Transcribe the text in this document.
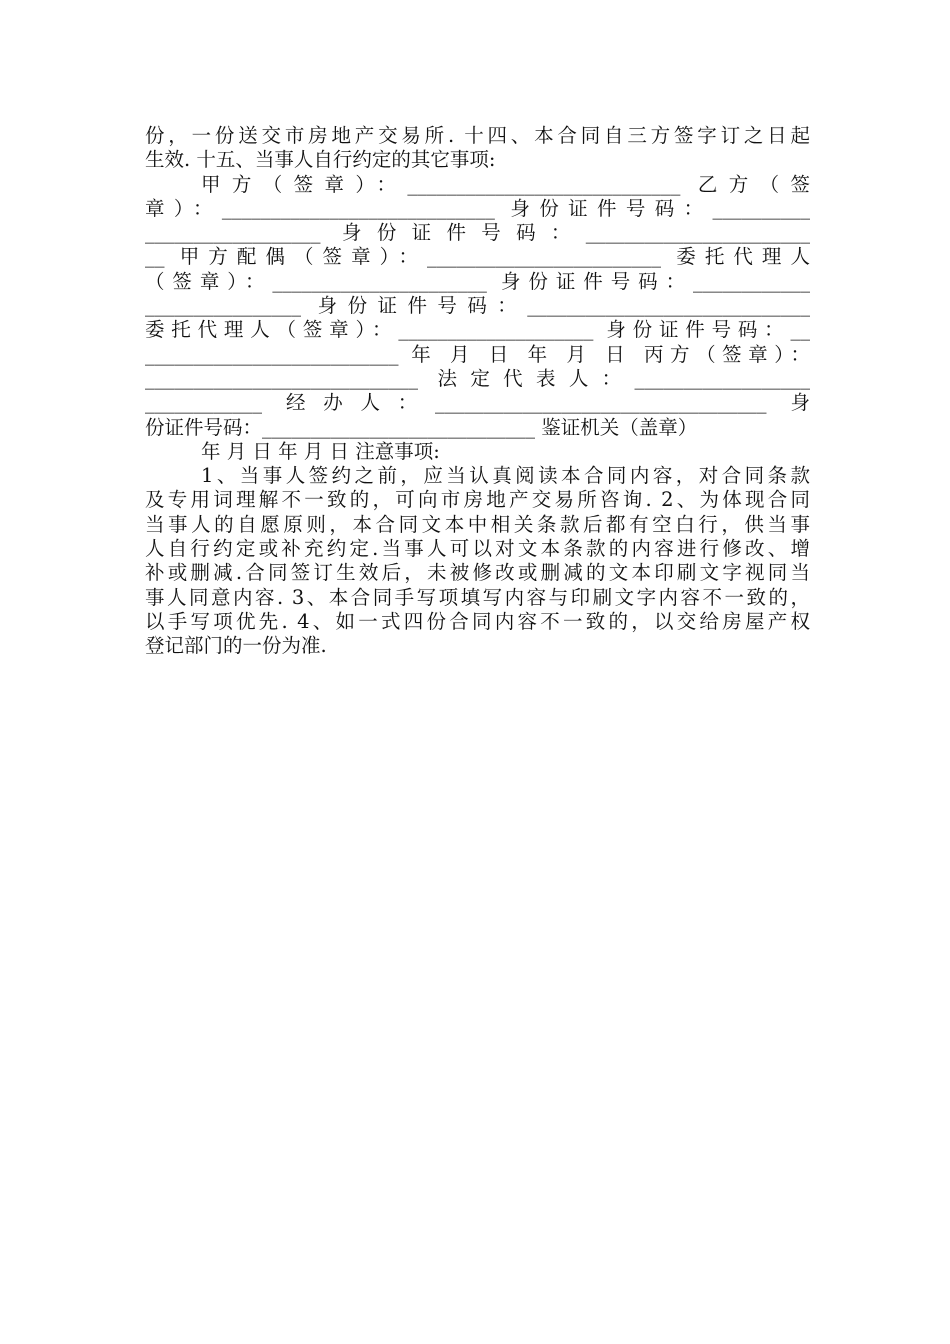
份，一份送交市房地产交易所. 十四、本合同自三方签字订之日起
生效. 十五、当事人自行约定的其它事项:
甲方（签章）：____________________________ 乙方（签
章）：____________________________ 身份证件号码：__________
__________________ 身份证件号码：_______________________
__ 甲方配偶（签章）：________________________ 委托代理人
（签章）：______________________ 身份证件号码：____________
________________ 身份证件号码：_____________________________
委托代理人（签章）：____________________ 身份证件号码：__
__________________________ 年 月 日 年 月 日 丙方（签章）：
____________________________ 法定代表人：__________________
____________ 经办人：__________________________________ 身
份证件号码：____________________________ 鉴证机关（盖章）
年 月 日 年 月 日 注意事项:
1、当事人签约之前，应当认真阅读本合同内容，对合同条款
及专用词理解不一致的，可向市房地产交易所咨询. 2、为体现合同
当事人的自愿原则，本合同文本中相关条款后都有空白行，供当事
人自行约定或补充约定.当事人可以对文本条款的内容进行修改、增
补或删减.合同签订生效后，未被修改或删减的文本印刷文字视同当
事人同意内容. 3、本合同手写项填写内容与印刷文字内容不一致的，
以手写项优先. 4、如一式四份合同内容不一致的，以交给房屋产权
登记部门的一份为准.
